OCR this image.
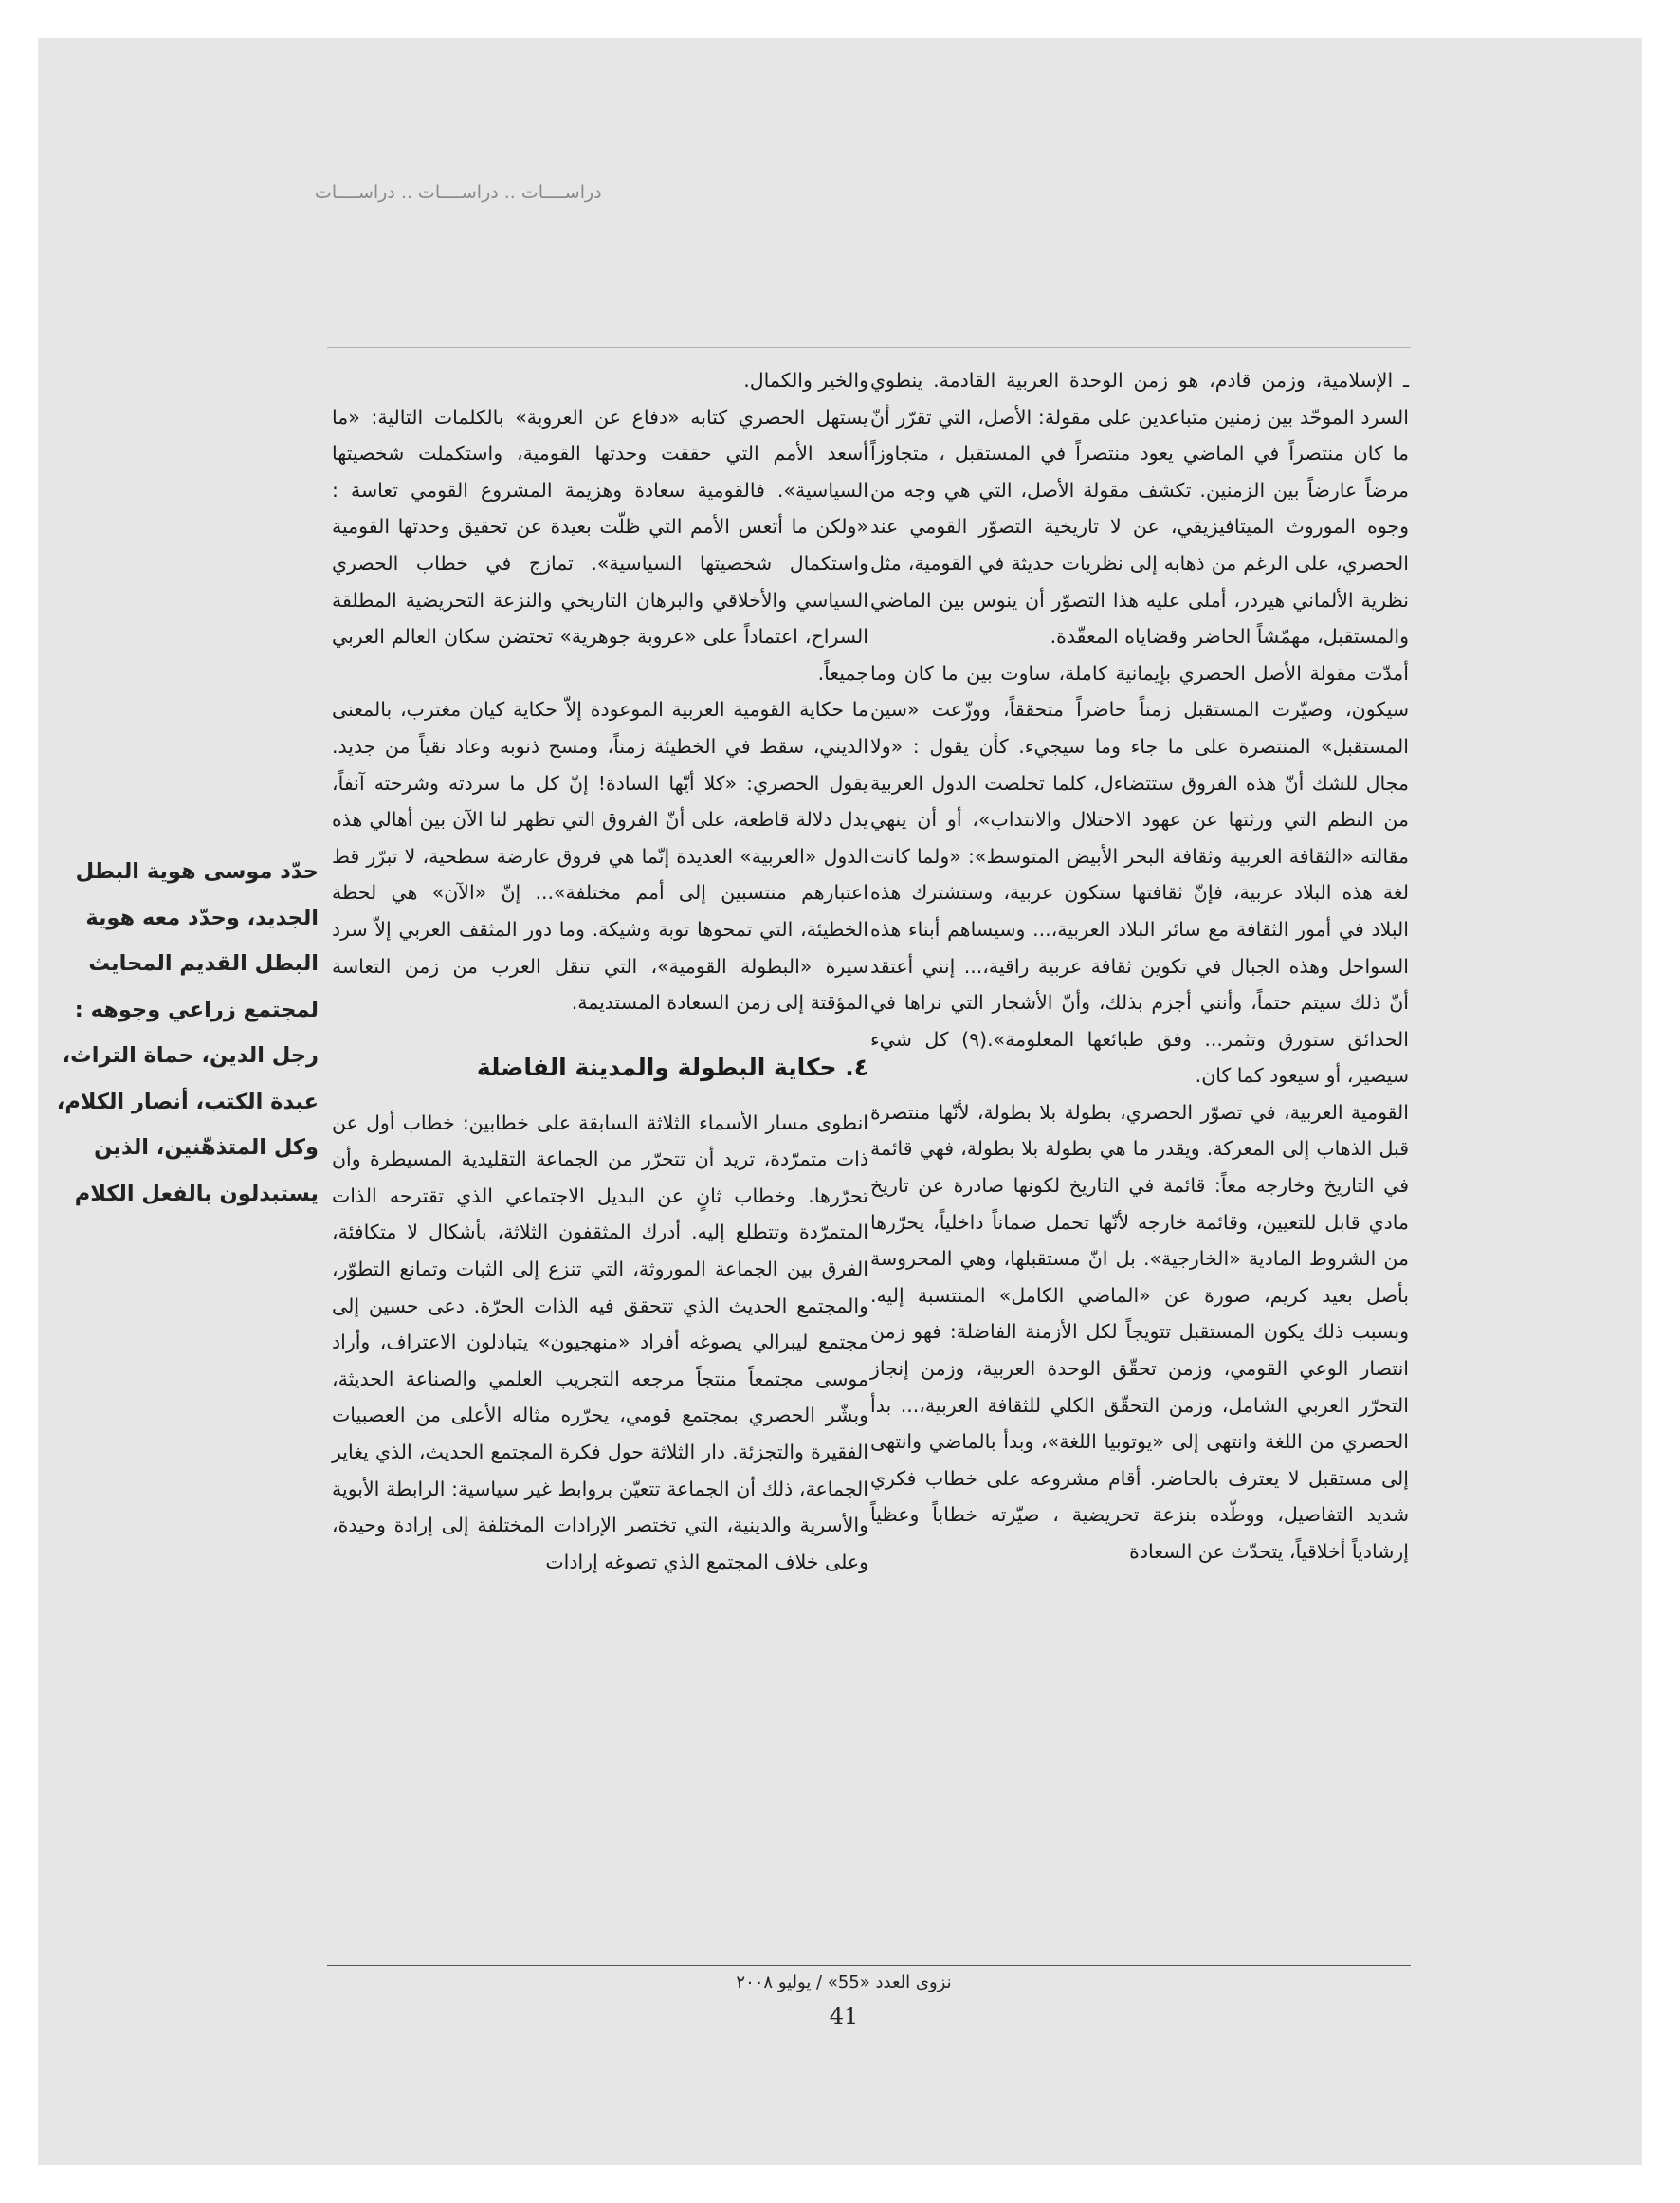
دراســــات .. دراســــات .. دراســــات

ـ الإسلامية، وزمن قادم، هو زمن الوحدة العربية القادمة. ينطوي السرد الموحّد بين زمنين متباعدين على مقولة: الأصل، التي تقرّر أنّ ما كان منتصراً في الماضي يعود منتصراً في المستقبل ، متجاوزاً مرضاً عارضاً بين الزمنين. تكشف مقولة الأصل، التي هي وجه من وجوه الموروث الميتافيزيقي، عن لا تاريخية التصوّر القومي عند الحصري، على الرغم من ذهابه إلى نظريات حديثة في القومية، مثل نظرية الألماني هيردر، أملى عليه هذا التصوّر أن ينوس بين الماضي والمستقبل، مهمّشاً الحاضر وقضاياه المعقّدة.

أمدّت مقولة الأصل الحصري بإيمانية كاملة، ساوت بين ما كان وما سيكون، وصيّرت المستقبل زمناً حاضراً متحققاً، ووزّعت «سين المستقبل» المنتصرة على ما جاء وما سيجيء. كأن يقول : «ولا مجال للشك أنّ هذه الفروق ستتضاءل، كلما تخلصت الدول العربية من النظم التي ورثتها عن عهود الاحتلال والانتداب»، أو أن ينهي مقالته «الثقافة العربية وثقافة البحر الأبيض المتوسط»: «ولما كانت لغة هذه البلاد عربية، فإنّ ثقافتها ستكون عربية، وستشترك هذه البلاد في أمور الثقافة مع سائر البلاد العربية،... وسيساهم أبناء هذه السواحل وهذه الجبال في تكوين ثقافة عربية راقية،... إنني أعتقد أنّ ذلك سيتم حتماً، وأنني أجزم بذلك، وأنّ الأشجار التي نراها في الحدائق ستورق وتثمر... وفق طبائعها المعلومة».(٩) كل شيء سيصير، أو سيعود كما كان.

القومية العربية، في تصوّر الحصري، بطولة بلا بطولة، لأنّها منتصرة قبل الذهاب إلى المعركة. ويقدر ما هي بطولة بلا بطولة، فهي قائمة في التاريخ وخارجه معاً: قائمة في التاريخ لكونها صادرة عن تاريخ مادي قابل للتعيين، وقائمة خارجه لأنّها تحمل ضماناً داخلياً، يحرّرها من الشروط المادية «الخارجية». بل انّ مستقبلها، وهي المحروسة بأصل بعيد كريم، صورة عن «الماضي الكامل» المنتسبة إليه. وبسبب ذلك يكون المستقبل تتويجاً لكل الأزمنة الفاضلة: فهو زمن انتصار الوعي القومي، وزمن تحقّق الوحدة العربية، وزمن إنجاز التحرّر العربي الشامل، وزمن التحقّق الكلي للثقافة العربية،... بدأ الحصري من اللغة وانتهى إلى «يوتوبيا اللغة»، وبدأ بالماضي وانتهى إلى مستقبل لا يعترف بالحاضر. أقام مشروعه على خطاب فكري شديد التفاصيل، ووطّده بنزعة تحريضية ، صيّرته خطاباً وعظياً إرشادياً أخلاقياً، يتحدّث عن السعادة

والخير والكمال.

يستهل الحصري كتابه «دفاع عن العروبة» بالكلمات التالية: «ما أسعد الأمم التي حققت وحدتها القومية، واستكملت شخصيتها السياسية». فالقومية سعادة وهزيمة المشروع القومي تعاسة : «ولكن ما أتعس الأمم التي ظلّت بعيدة عن تحقيق وحدتها القومية واستكمال شخصيتها السياسية». تمازج في خطاب الحصري السياسي والأخلاقي والبرهان التاريخي والنزعة التحريضية المطلقة السراح، اعتماداً على «عروبة جوهرية» تحتضن سكان العالم العربي جميعاً.

ما حكاية القومية العربية الموعودة إلاّ حكاية كيان مغترب، بالمعنى الديني، سقط في الخطيئة زمناً، ومسح ذنوبه وعاد نقياً من جديد. يقول الحصري: «كلا أيّها السادة! إنّ كل ما سردته وشرحته آنفاً، يدل دلالة قاطعة، على أنّ الفروق التي تظهر لنا الآن بين أهالي هذه الدول «العربية» العديدة إنّما هي فروق عارضة سطحية، لا تبرّر قط اعتبارهم منتسبين إلى أمم مختلفة»... إنّ «الآن» هي لحظة الخطيئة، التي تمحوها توبة وشيكة. وما دور المثقف العربي إلاّ سرد سيرة «البطولة القومية»، التي تنقل العرب من زمن التعاسة المؤقتة إلى زمن السعادة المستديمة.

٤. حكاية البطولة والمدينة الفاضلة

انطوى مسار الأسماء الثلاثة السابقة على خطابين: خطاب أول عن ذات متمرّدة، تريد أن تتحرّر من الجماعة التقليدية المسيطرة وأن تحرّرها. وخطاب ثانٍ عن البديل الاجتماعي الذي تقترحه الذات المتمرّدة وتتطلع إليه. أدرك المثقفون الثلاثة، بأشكال لا متكافئة، الفرق بين الجماعة الموروثة، التي تنزع إلى الثبات وتمانع التطوّر، والمجتمع الحديث الذي تتحقق فيه الذات الحرّة. دعى حسين إلى مجتمع ليبرالي يصوغه أفراد «منهجيون» يتبادلون الاعتراف، وأراد موسى مجتمعاً منتجاً مرجعه التجريب العلمي والصناعة الحديثة، وبشّر الحصري بمجتمع قومي، يحرّره مثاله الأعلى من العصبيات الفقيرة والتجزئة. دار الثلاثة حول فكرة المجتمع الحديث، الذي يغاير الجماعة، ذلك أن الجماعة تتعيّن بروابط غير سياسية: الرابطة الأبوية والأسرية والدينية، التي تختصر الإرادات المختلفة إلى إرادة وحيدة، وعلى خلاف المجتمع الذي تصوغه إرادات

حدّد موسى هوية البطل الجديد، وحدّد معه هوية البطل القديم المحايث لمجتمع زراعي وجوهه : رجل الدين، حماة التراث، عبدة الكتب، أنصار الكلام، وكل المتذهّنين، الذين يستبدلون بالفعل الكلام
نزوى العدد «55» / يوليو ٢٠٠٨
41
